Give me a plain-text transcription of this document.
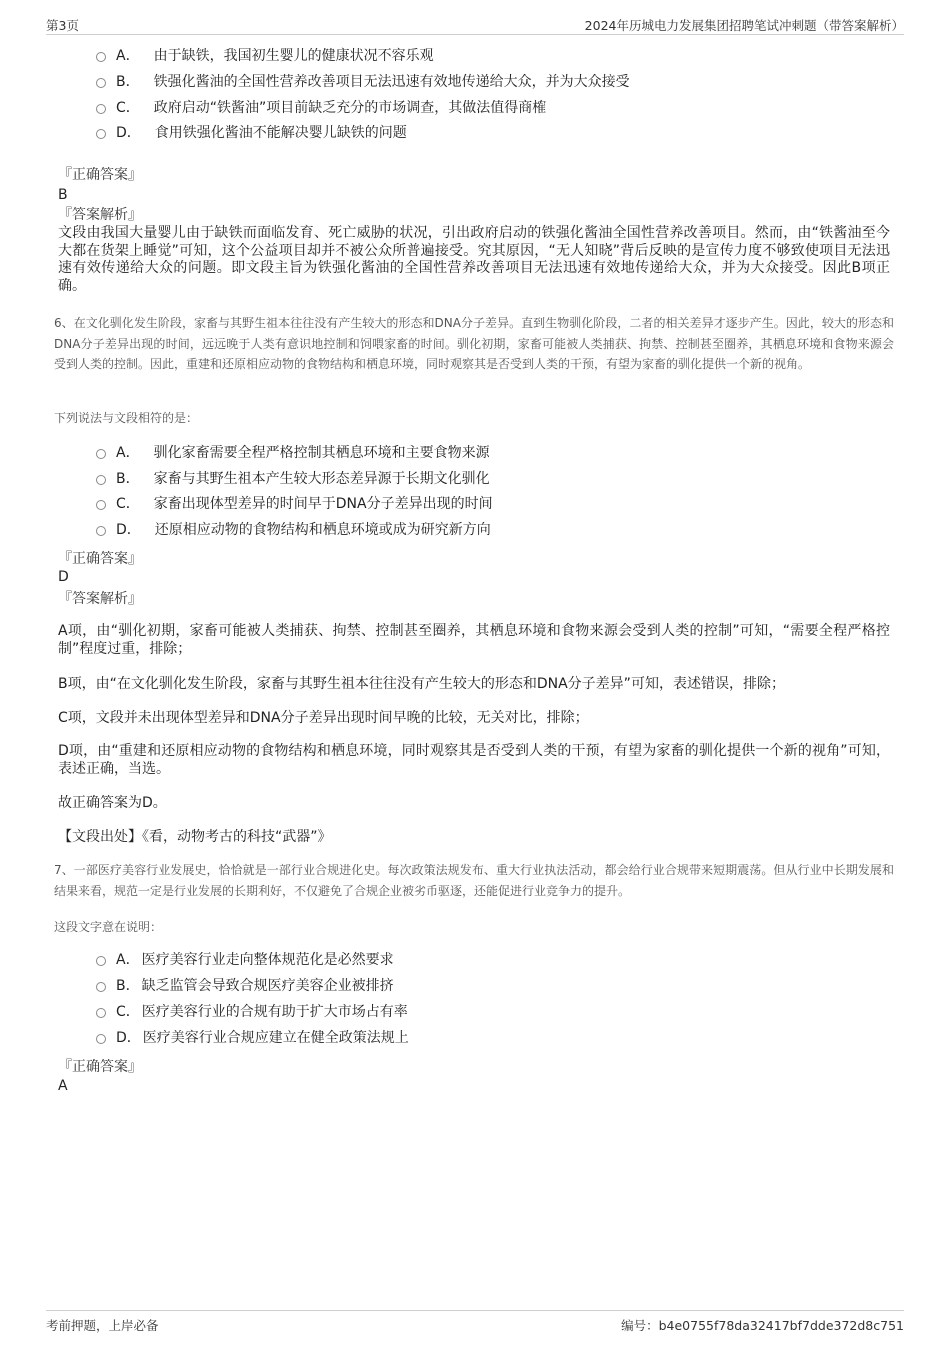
第3页	2024年历城电力发展集团招聘笔试冲刺题（带答案解析）
A． 由于缺铁，我国初生婴儿的健康状况不容乐观
B． 铁强化酱油的全国性营养改善项目无法迅速有效地传递给大众，并为大众接受
C． 政府启动“铁酱油”项目前缺乏充分的市场调查，其做法值得商榷
D． 食用铁强化酱油不能解决婴儿缺铁的问题
『正确答案』
B
『答案解析』
文段由我国大量婴儿由于缺铁而面临发育、死亡威胁的状况，引出政府启动的铁强化酱油全国性营养改善项目。然而，由“铁酱油至今大都在货架上睡觉”可知，这个公益项目却并不被公众所普遍接受。究其原因，“无人知晓”背后反映的是宣传力度不够致使项目无法迅速有效传递给大众的问题。即文段主旨为铁强化酱油的全国性营养改善项目无法迅速有效地传递给大众，并为大众接受。因此B项正确。
6、在文化驯化发生阶段，家畜与其野生祖本往往没有产生较大的形态和DNA分子差异。直到生物驯化阶段，二者的相关差异才逐步产生。因此，较大的形态和DNA分子差异出现的时间，远远晚于人类有意识地控制和饲喂家畜的时间。驯化初期，家畜可能被人类捕获、拘禁、控制甚至圈养，其栖息环境和食物来源会受到人类的控制。因此，重建和还原相应动物的食物结构和栖息环境，同时观察其是否受到人类的干预，有望为家畜的驯化提供一个新的视角。
下列说法与文段相符的是：
A． 驯化家畜需要全程严格控制其栖息环境和主要食物来源
B． 家畜与其野生祖本产生较大形态差异源于长期文化驯化
C． 家畜出现体型差异的时间早于DNA分子差异出现的时间
D． 还原相应动物的食物结构和栖息环境或成为研究新方向
『正确答案』
D
『答案解析』
A项，由“驯化初期，家畜可能被人类捕获、拘禁、控制甚至圈养，其栖息环境和食物来源会受到人类的控制”可知，“需要全程严格控制”程度过重，排除；
B项，由“在文化驯化发生阶段，家畜与其野生祖本往往没有产生较大的形态和DNA分子差异”可知，表述错误，排除；
C项，文段并未出现体型差异和DNA分子差异出现时间早晚的比较，无关对比，排除；
D项，由“重建和还原相应动物的食物结构和栖息环境，同时观察其是否受到人类的干预，有望为家畜的驯化提供一个新的视角”可知，表述正确，当选。
故正确答案为D。
【文段出处】《看，动物考古的科技“武器”》
7、一部医疗美容行业发展史，恰恰就是一部行业合规进化史。每次政策法规发布、重大行业执法活动，都会给行业合规带来短期震荡。但从行业中长期发展和结果来看，规范一定是行业发展的长期利好，不仅避免了合规企业被劣币驱逐，还能促进行业竞争力的提升。
这段文字意在说明：
A． 医疗美容行业走向整体规范化是必然要求
B． 缺乏监管会导致合规医疗美容企业被排挤
C． 医疗美容行业的合规有助于扩大市场占有率
D． 医疗美容行业合规应建立在健全政策法规上
『正确答案』
A
考前押题，上岸必备	编号：b4e0755f78da32417bf7dde372d8c751
